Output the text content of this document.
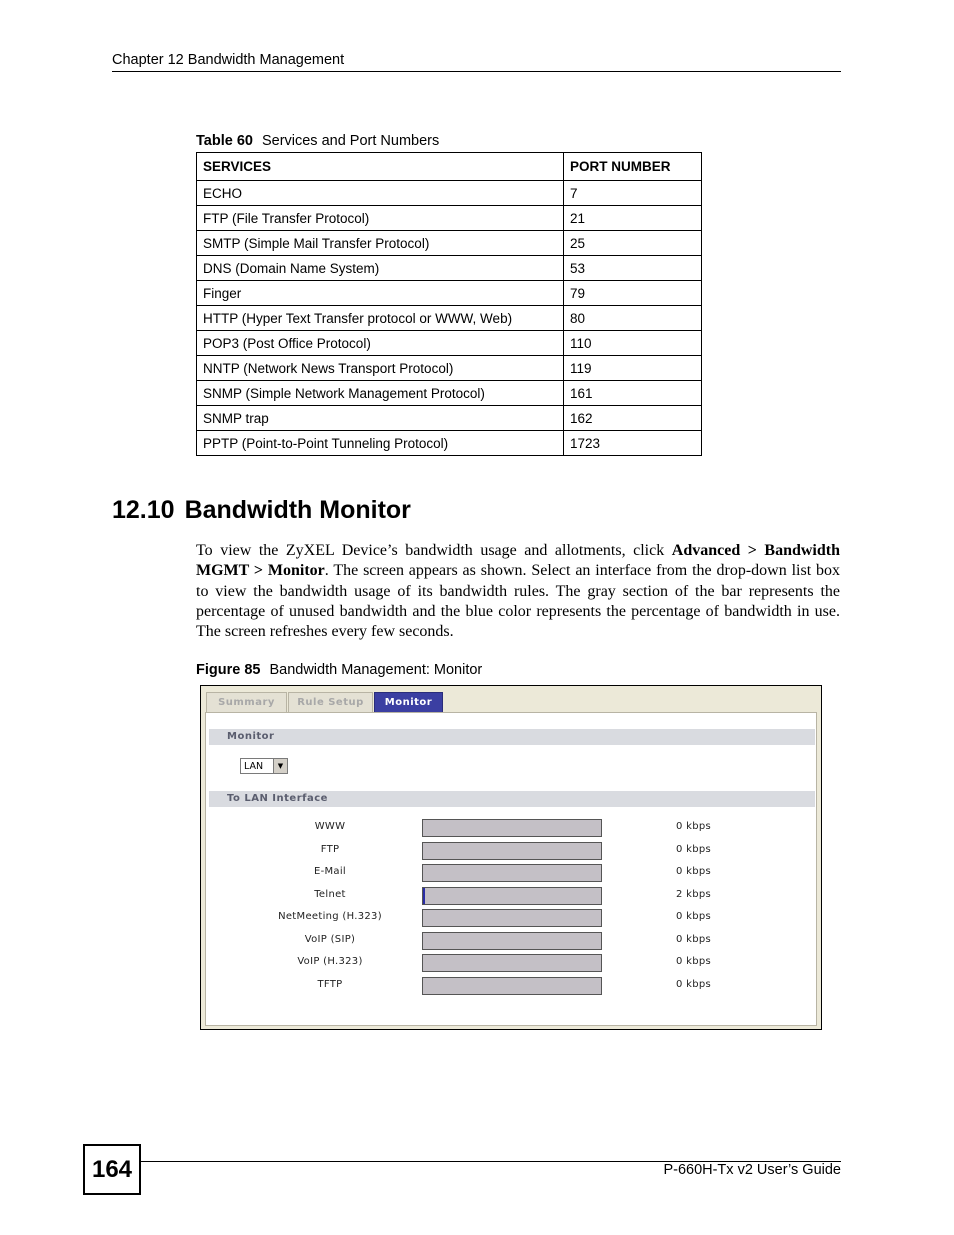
Chapter 12 Bandwidth Management
Table 60 Services and Port Numbers
SERVICES	PORT NUMBER
ECHO	7
FTP (File Transfer Protocol)	21
SMTP (Simple Mail Transfer Protocol)	25
DNS (Domain Name System)	53
Finger	79
HTTP (Hyper Text Transfer protocol or WWW, Web)	80
POP3 (Post Office Protocol)	110
NNTP (Network News Transport Protocol)	119
SNMP (Simple Network Management Protocol)	161
SNMP trap	162
PPTP (Point-to-Point Tunneling Protocol)	1723
12.10 Bandwidth Monitor
To view the ZyXEL Device’s bandwidth usage and allotments, click Advanced > Bandwidth MGMT > Monitor. The screen appears as shown. Select an interface from the drop-down list box to view the bandwidth usage of its bandwidth rules. The gray section of the bar represents the percentage of unused bandwidth and the blue color represents the percentage of bandwidth in use. The screen refreshes every few seconds.
Figure 85 Bandwidth Management: Monitor
Summary	Rule Setup	Monitor
Monitor
LAN	▼
To LAN Interface
WWW	0 kbps
FTP	0 kbps
E-Mail	0 kbps
Telnet	2 kbps
NetMeeting (H.323)	0 kbps
VoIP (SIP)	0 kbps
VoIP (H.323)	0 kbps
TFTP	0 kbps
164	P-660H-Tx v2 User’s Guide
